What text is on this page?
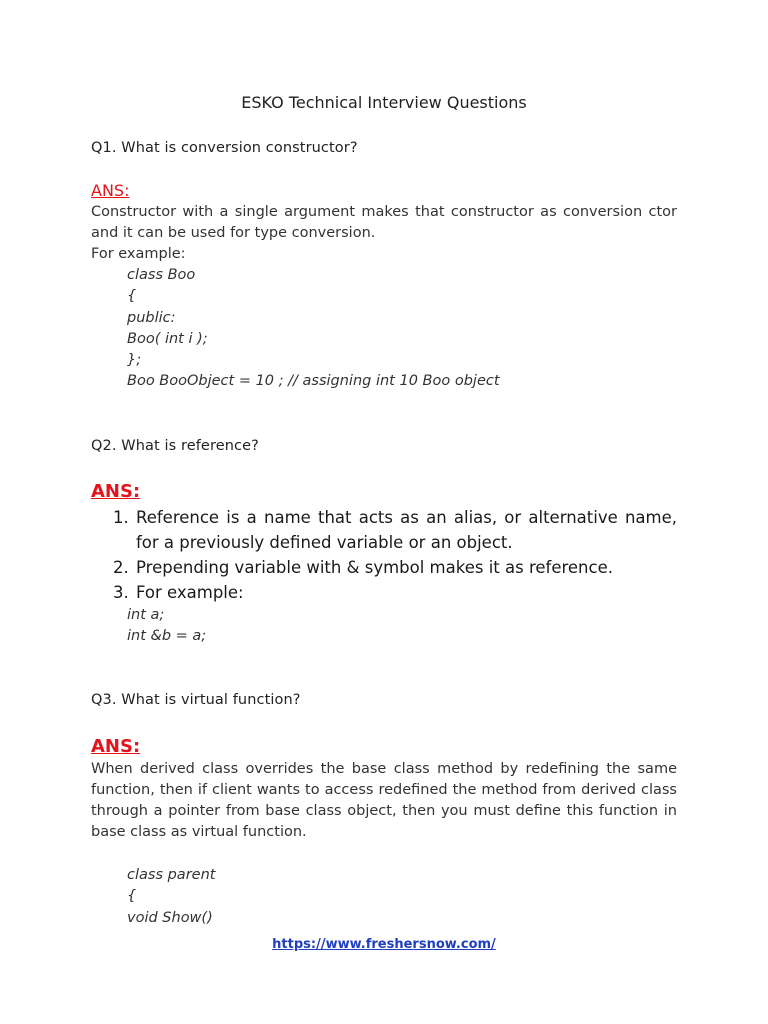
ESKO Technical Interview Questions
Q1. What is conversion constructor?
ANS:

Constructor with a single argument makes that constructor as conversion ctor and it can be used for type conversion.

For example:
class Boo
{
public:
Boo( int i );
};
Boo BooObject = 10 ; // assigning int 10 Boo object
Q2. What is reference?
ANS:
1. Reference is a name that acts as an alias, or alternative name, for a previously defined variable or an object.
2. Prepending variable with & symbol makes it as reference.
3. For example:
int a;
int &b = a;
Q3. What is virtual function?
ANS:

When derived class overrides the base class method by redefining the same function, then if client wants to access redefined the method from derived class through a pointer from base class object, then you must define this function in base class as virtual function.

class parent
{
void Show()
https://www.freshersnow.com/
